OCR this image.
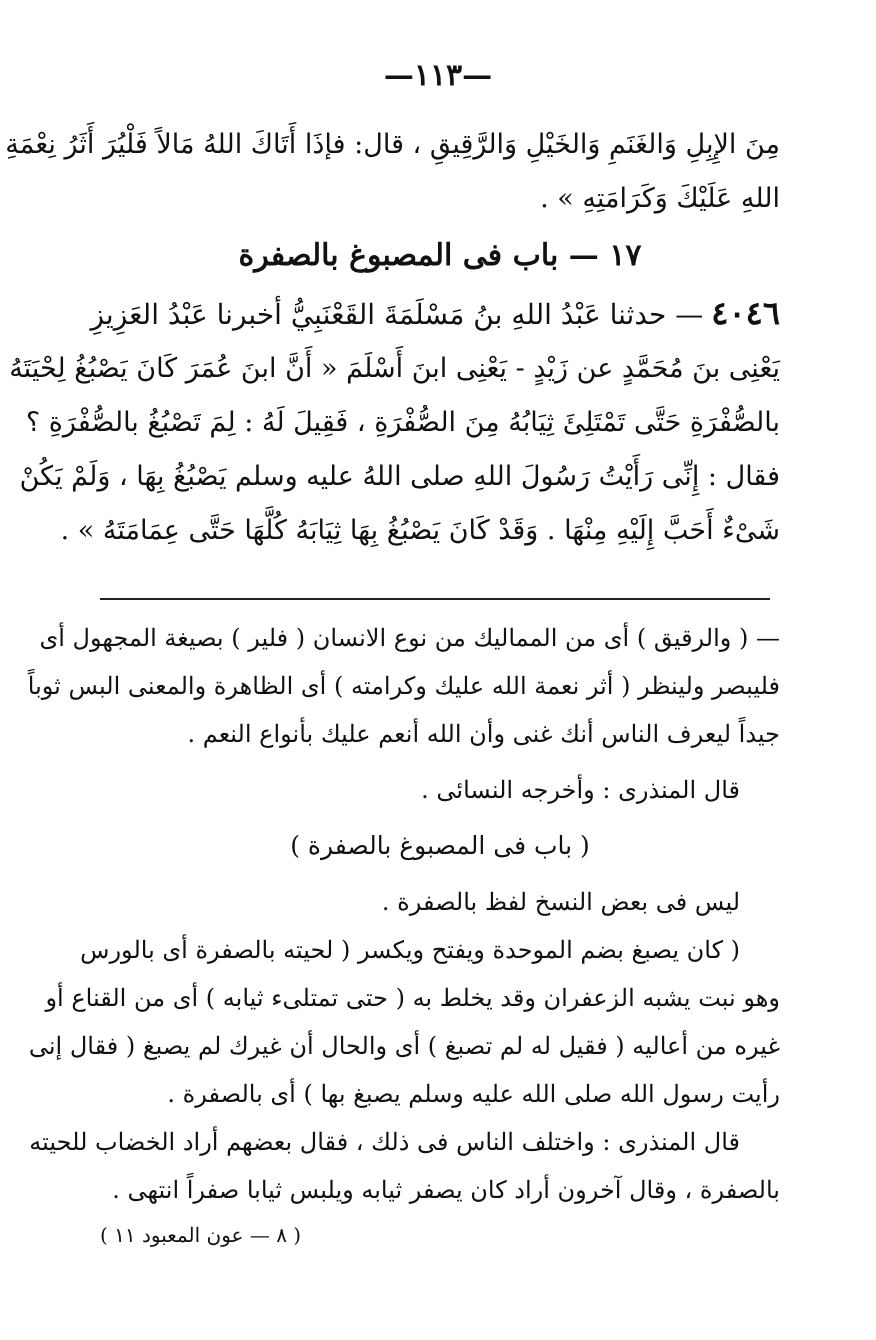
—١١٣—
مِنَ الإِبِلِ وَالغَنَمِ وَالخَيْلِ وَالرَّقِيقِ ، قال: فإذَا أَتَاكَ اللهُ مَالاً فَلْيُرَ أَثَرُ نِعْمَةِ
اللهِ عَلَيْكَ وَكَرَامَتِهِ » .
١٧ — باب فى المصبوغ بالصفرة
٤٠٤٦— حدثنا عَبْدُ اللهِ بنُ مَسْلَمَةَ القَعْنَبِيُّ أخبرنا عَبْدُ العَزِيزِ
يَعْنِى بنَ مُحَمَّدٍ عن زَيْدٍ - يَعْنِى ابنَ أَسْلَمَ « أَنَّ ابنَ عُمَرَ كَانَ يَصْبُغُ لِحْيَتَهُ
بالصُّفْرَةِ حَتَّى تَمْتَلِئَ ثِيَابُهُ مِنَ الصُّفْرَةِ ، فَقِيلَ لَهُ : لِمَ تَصْبُغُ بالصُّفْرَةِ ؟
فقال : إِنِّى رَأَيْتُ رَسُولَ اللهِ صلى اللهُ عليه وسلم يَصْبُغُ بِهَا ، وَلَمْ يَكُنْ
شَىْءٌ أَحَبَّ إِلَيْهِ مِنْهَا . وَقَدْ كَانَ يَصْبُغُ بِهَا ثِيَابَهُ كُلَّهَا حَتَّى عِمَامَتَهُ » .
— ( والرقيق ) أى من المماليك من نوع الانسان ( فلير ) بصيغة المجهول أى
فليبصر ولينظر ( أثر نعمة الله عليك وكرامته ) أى الظاهرة والمعنى البس ثوباً
جيداً ليعرف الناس أنك غنى وأن الله أنعم عليك بأنواع النعم .
قال المنذرى : وأخرجه النسائى .
( باب فى المصبوغ بالصفرة )
ليس فى بعض النسخ لفظ بالصفرة .
( كان يصبغ بضم الموحدة ويفتح ويكسر ( لحيته بالصفرة أى بالورس
وهو نبت يشبه الزعفران وقد يخلط به ( حتى تمتلىء ثيابه ) أى من القناع أو
غيره من أعاليه ( فقيل له لم تصبغ ) أى والحال أن غيرك لم يصبغ ( فقال إنى
رأيت رسول الله صلى الله عليه وسلم يصبغ بها ) أى بالصفرة .
قال المنذرى : واختلف الناس فى ذلك ، فقال بعضهم أراد الخضاب للحيته
بالصفرة ، وقال آخرون أراد كان يصفر ثيابه ويلبس ثيابا صفراً انتهى .
( ٨ — عون المعبود ١١ )
